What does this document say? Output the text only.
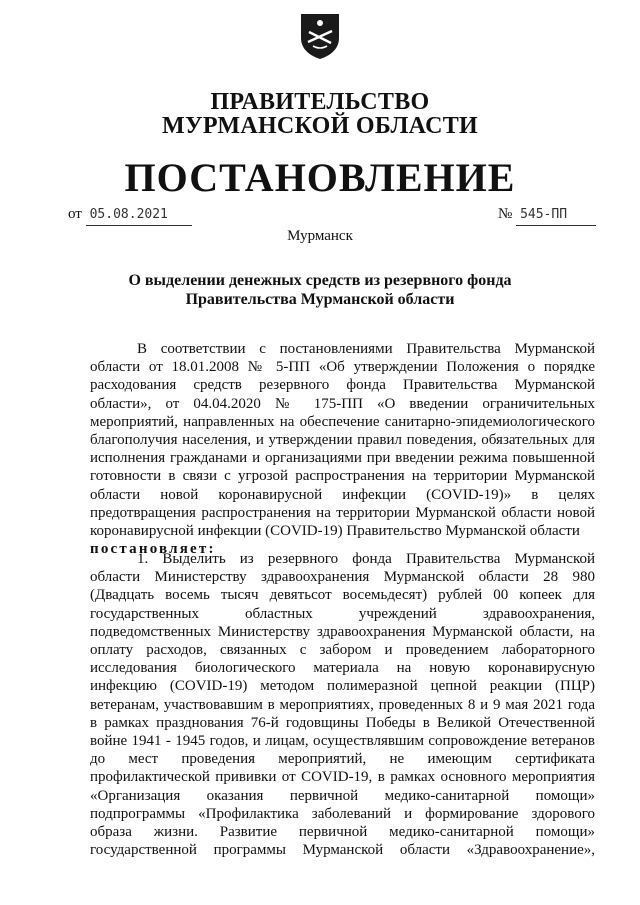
ПРАВИТЕЛЬСТВО
МУРМАНСКОЙ ОБЛАСТИ
ПОСТАНОВЛЕНИЕ
от 05.08.2021	№ 545-ПП
Мурманск
О выделении денежных средств из резервного фонда
Правительства Мурманской области
В соответствии с постановлениями Правительства Мурманской
области от 18.01.2008 № 5-ПП «Об утверждении Положения о порядке
расходования средств резервного фонда Правительства Мурманской
области», от 04.04.2020 № 175-ПП «О введении ограничительных
мероприятий, направленных на обеспечение санитарно-эпидемиологического
благополучия населения, и утверждении правил поведения, обязательных для
исполнения гражданами и организациями при введении режима повышенной
готовности в связи с угрозой распространения на территории Мурманской
области новой коронавирусной инфекции (COVID-19)» в целях
предотвращения распространения на территории Мурманской области новой
коронавирусной инфекции (COVID-19) Правительство Мурманской области
постановляет:
1. Выделить из резервного фонда Правительства Мурманской
области Министерству здравоохранения Мурманской области 28 980
(Двадцать восемь тысяч девятьсот восемьдесят) рублей 00 копеек для
государственных областных учреждений здравоохранения,
подведомственных Министерству здравоохранения Мурманской области, на
оплату расходов, связанных с забором и проведением лабораторного
исследования биологического материала на новую коронавирусную
инфекцию (COVID-19) методом полимеразной цепной реакции (ПЦР)
ветеранам, участвовавшим в мероприятиях, проведенных 8 и 9 мая 2021 года
в рамках празднования 76-й годовщины Победы в Великой Отечественной
войне 1941 - 1945 годов, и лицам, осуществлявшим сопровождение ветеранов
до мест проведения мероприятий, не имеющим сертификата
профилактической прививки от COVID-19, в рамках основного мероприятия
«Организация оказания первичной медико-санитарной помощи»
подпрограммы «Профилактика заболеваний и формирование здорового
образа жизни. Развитие первичной медико-санитарной помощи»
государственной программы Мурманской области «Здравоохранение»,
